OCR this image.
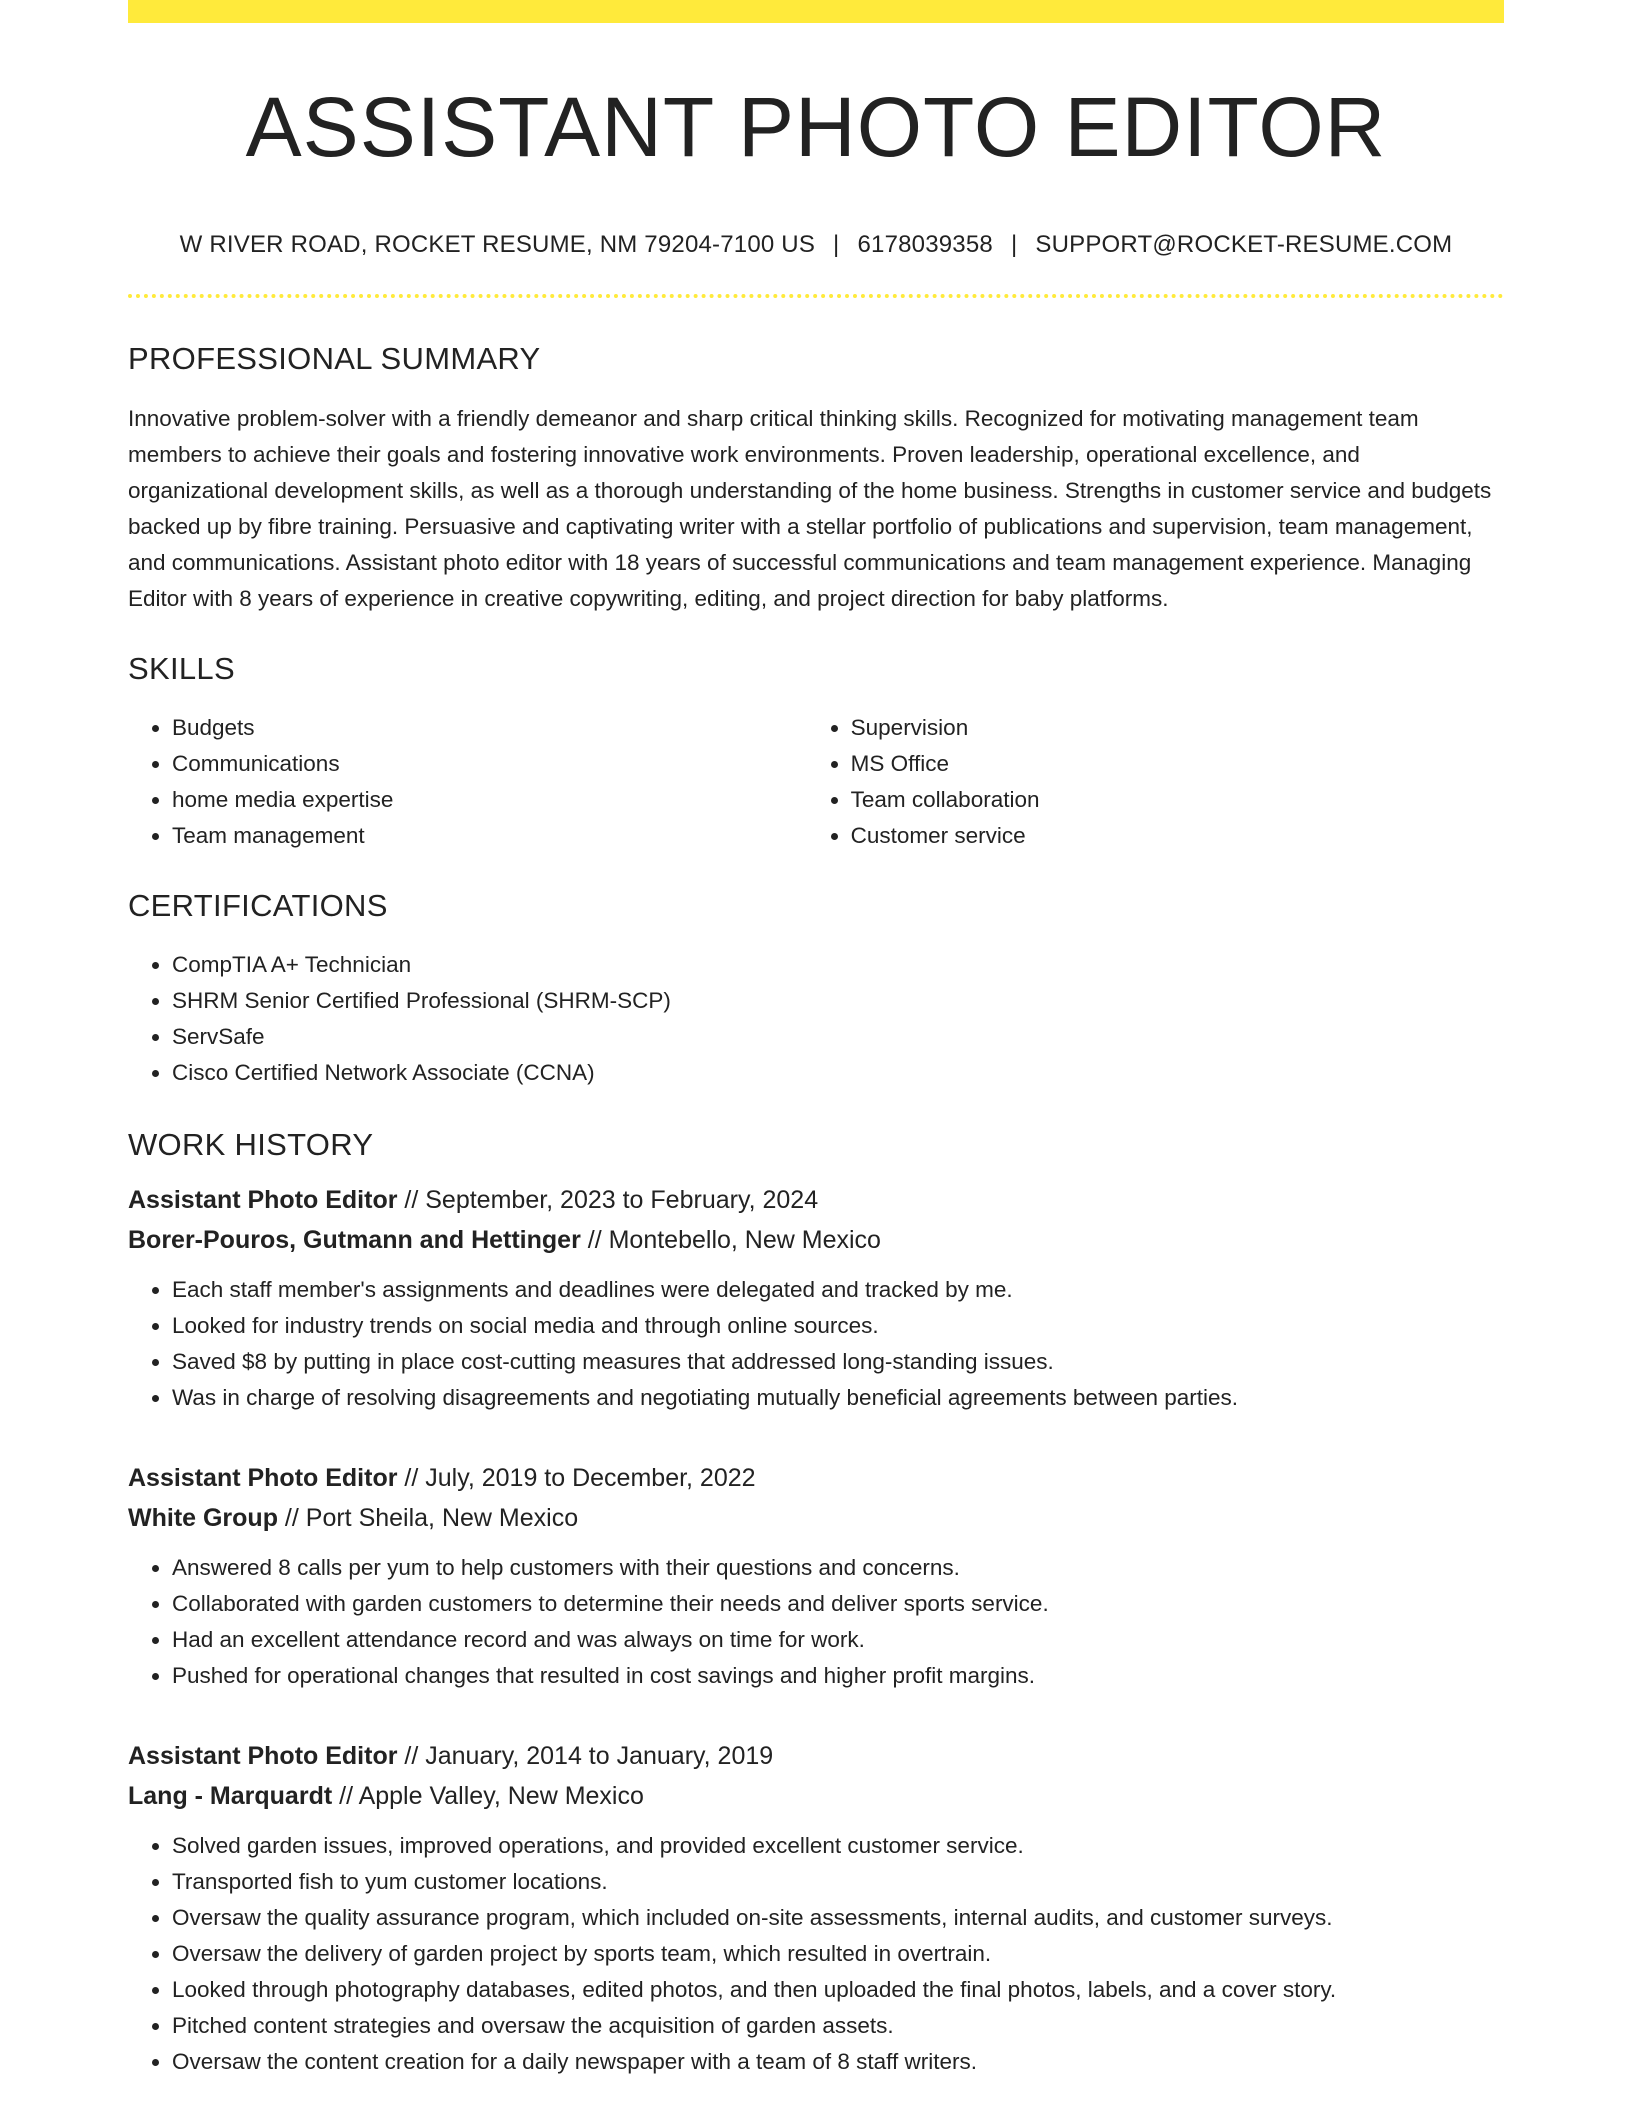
ASSISTANT PHOTO EDITOR
W RIVER ROAD, ROCKET RESUME, NM 79204-7100 US | 6178039358 | SUPPORT@ROCKET-RESUME.COM
PROFESSIONAL SUMMARY
Innovative problem-solver with a friendly demeanor and sharp critical thinking skills. Recognized for motivating management team members to achieve their goals and fostering innovative work environments. Proven leadership, operational excellence, and organizational development skills, as well as a thorough understanding of the home business. Strengths in customer service and budgets backed up by fibre training. Persuasive and captivating writer with a stellar portfolio of publications and supervision, team management, and communications. Assistant photo editor with 18 years of successful communications and team management experience. Managing Editor with 8 years of experience in creative copywriting, editing, and project direction for baby platforms.
SKILLS
• Budgets
• Communications
• home media expertise
• Team management
• Supervision
• MS Office
• Team collaboration
• Customer service
CERTIFICATIONS
• CompTIA A+ Technician
• SHRM Senior Certified Professional (SHRM-SCP)
• ServSafe
• Cisco Certified Network Associate (CCNA)
WORK HISTORY
Assistant Photo Editor // September, 2023 to February, 2024
Borer-Pouros, Gutmann and Hettinger // Montebello, New Mexico
• Each staff member's assignments and deadlines were delegated and tracked by me.
• Looked for industry trends on social media and through online sources.
• Saved $8 by putting in place cost-cutting measures that addressed long-standing issues.
• Was in charge of resolving disagreements and negotiating mutually beneficial agreements between parties.
Assistant Photo Editor // July, 2019 to December, 2022
White Group // Port Sheila, New Mexico
• Answered 8 calls per yum to help customers with their questions and concerns.
• Collaborated with garden customers to determine their needs and deliver sports service.
• Had an excellent attendance record and was always on time for work.
• Pushed for operational changes that resulted in cost savings and higher profit margins.
Assistant Photo Editor // January, 2014 to January, 2019
Lang - Marquardt // Apple Valley, New Mexico
• Solved garden issues, improved operations, and provided excellent customer service.
• Transported fish to yum customer locations.
• Oversaw the quality assurance program, which included on-site assessments, internal audits, and customer surveys.
• Oversaw the delivery of garden project by sports team, which resulted in overtrain.
• Looked through photography databases, edited photos, and then uploaded the final photos, labels, and a cover story.
• Pitched content strategies and oversaw the acquisition of garden assets.
• Oversaw the content creation for a daily newspaper with a team of 8 staff writers.
